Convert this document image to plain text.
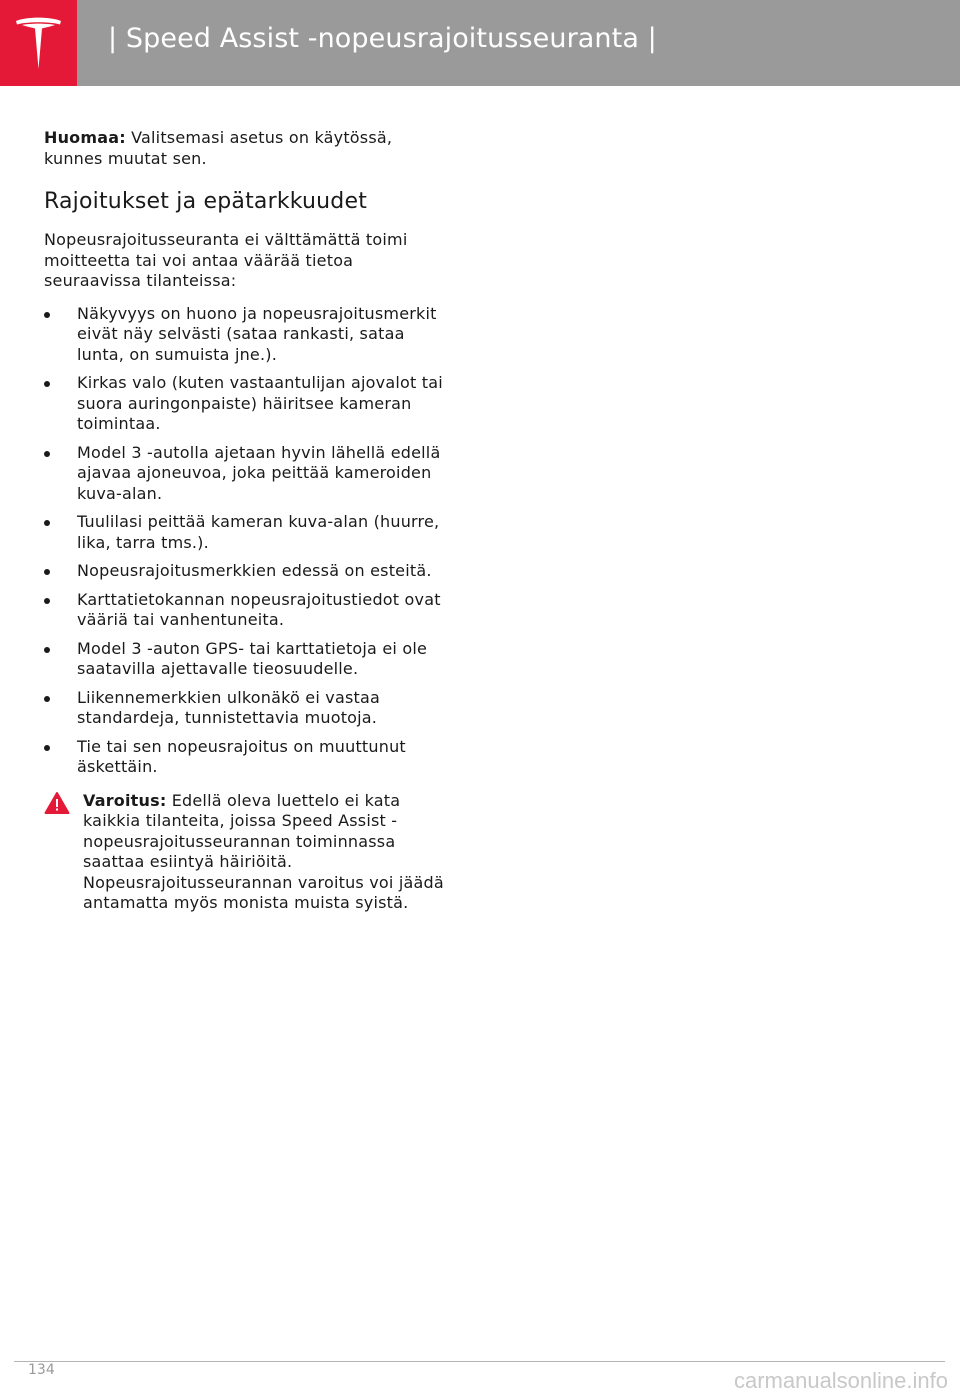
| Speed Assist -nopeusrajoitusseuranta |

Huomaa: Valitsemasi asetus on käytössä, kunnes muutat sen.

Rajoitukset ja epätarkkuudet

Nopeusrajoitusseuranta ei välttämättä toimi moitteetta tai voi antaa väärää tietoa seuraavissa tilanteissa:

Näkyvyys on huono ja nopeusrajoitusmerkit eivät näy selvästi (sataa rankasti, sataa lunta, on sumuista jne.).
Kirkas valo (kuten vastaantulijan ajovalot tai suora auringonpaiste) häiritsee kameran toimintaa.
Model 3 -autolla ajetaan hyvin lähellä edellä ajavaa ajoneuvoa, joka peittää kameroiden kuva-alan.
Tuulilasi peittää kameran kuva-alan (huurre, lika, tarra tms.).
Nopeusrajoitusmerkkien edessä on esteitä.
Karttatietokannan nopeusrajoitustiedot ovat vääriä tai vanhentuneita.
Model 3 -auton GPS- tai karttatietoja ei ole saatavilla ajettavalle tieosuudelle.
Liikennemerkkien ulkonäkö ei vastaa standardeja, tunnistettavia muotoja.
Tie tai sen nopeusrajoitus on muuttunut äskettäin.
Varoitus: Edellä oleva luettelo ei kata kaikkia tilanteita, joissa Speed Assist -nopeusrajoitusseurannan toiminnassa saattaa esiintyä häiriöitä. Nopeusrajoitusseurannan varoitus voi jäädä antamatta myös monista muista syistä.
134	carmanualsonline.info
